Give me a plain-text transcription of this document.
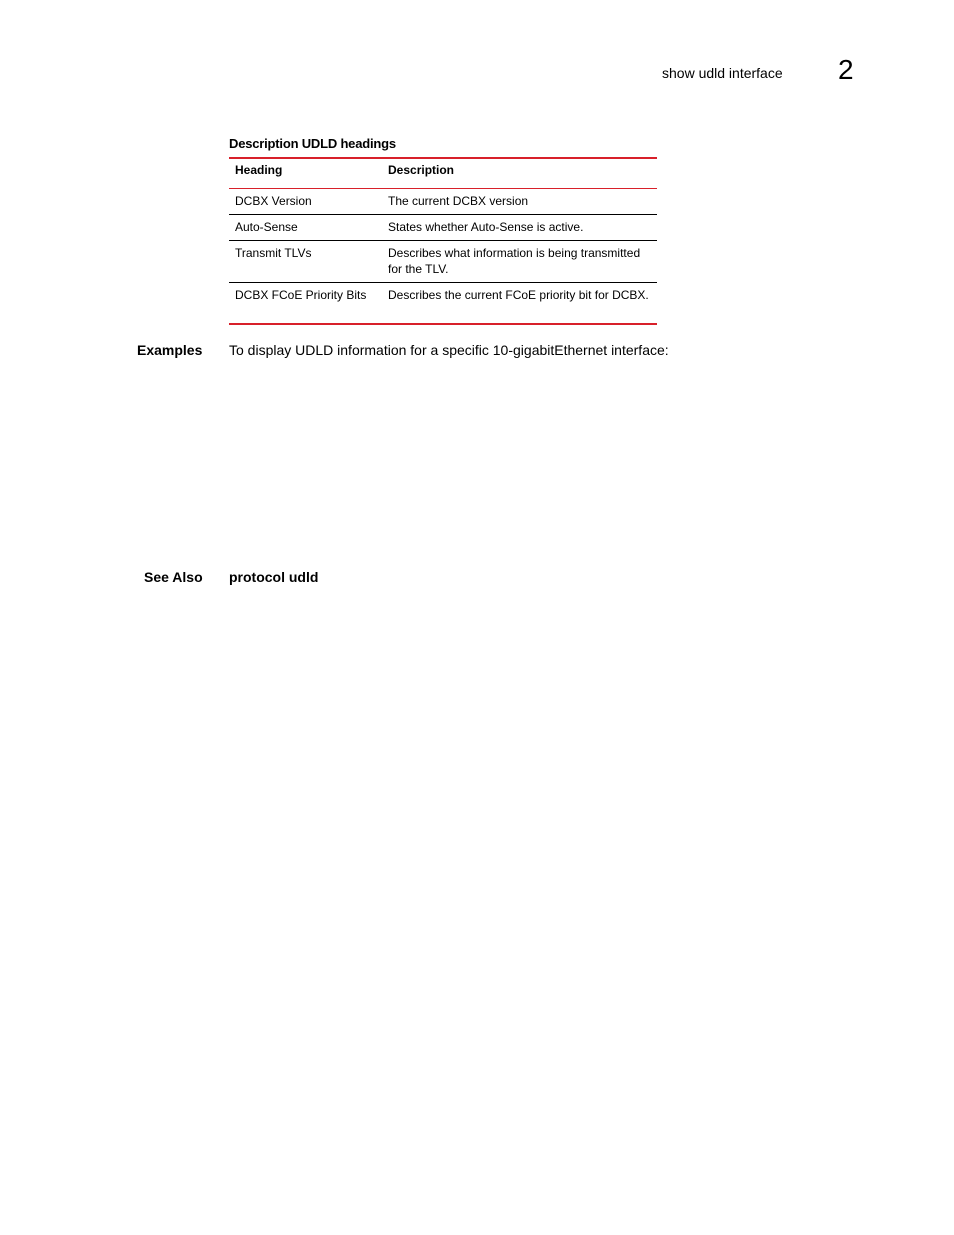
show udld interface 2
Description UDLD headings
Heading	Description
DCBX Version	The current DCBX version
Auto-Sense	States whether Auto-Sense is active.
Transmit TLVs	Describes what information is being transmitted for the TLV.
DCBX FCoE Priority Bits	Describes the current FCoE priority bit for DCBX.
Examples To display UDLD information for a specific 10-gigabitEthernet interface:
See Also protocol udld
